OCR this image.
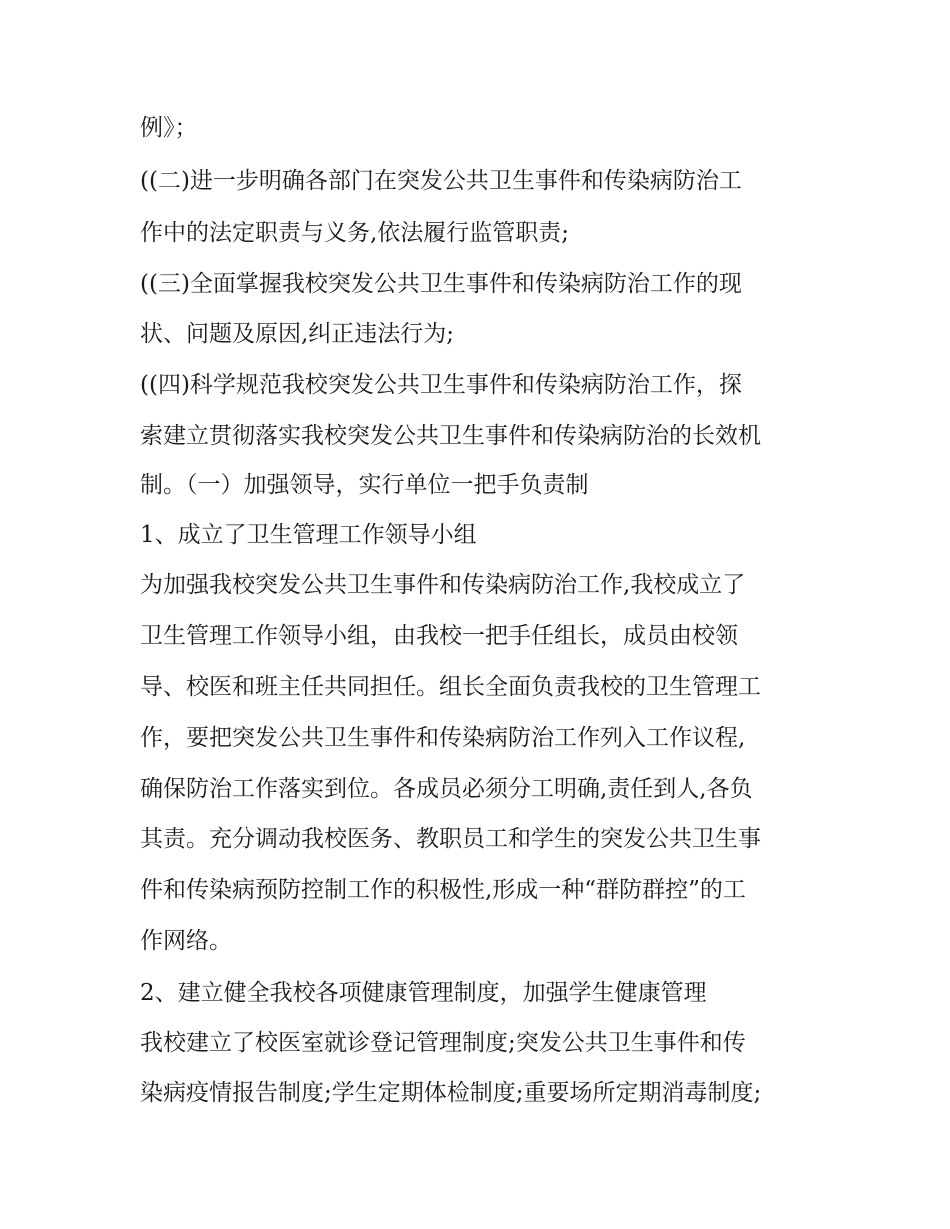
例》；
((二)进一步明确各部门在突发公共卫生事件和传染病防治工
作中的法定职责与义务,依法履行监管职责;
((三)全面掌握我校突发公共卫生事件和传染病防治工作的现
状、问题及原因,纠正违法行为;
((四)科学规范我校突发公共卫生事件和传染病防治工作，探
索建立贯彻落实我校突发公共卫生事件和传染病防治的长效机
制。（一）加强领导，实行单位一把手负责制
1、成立了卫生管理工作领导小组
为加强我校突发公共卫生事件和传染病防治工作,我校成立了
卫生管理工作领导小组，由我校一把手任组长，成员由校领
导、校医和班主任共同担任。组长全面负责我校的卫生管理工
作，要把突发公共卫生事件和传染病防治工作列入工作议程,
确保防治工作落实到位。各成员必须分工明确,责任到人,各负
其责。充分调动我校医务、教职员工和学生的突发公共卫生事
件和传染病预防控制工作的积极性,形成一种“群防群控”的工
作网络。
2、建立健全我校各项健康管理制度，加强学生健康管理
我校建立了校医室就诊登记管理制度;突发公共卫生事件和传
染病疫情报告制度;学生定期体检制度;重要场所定期消毒制度;
